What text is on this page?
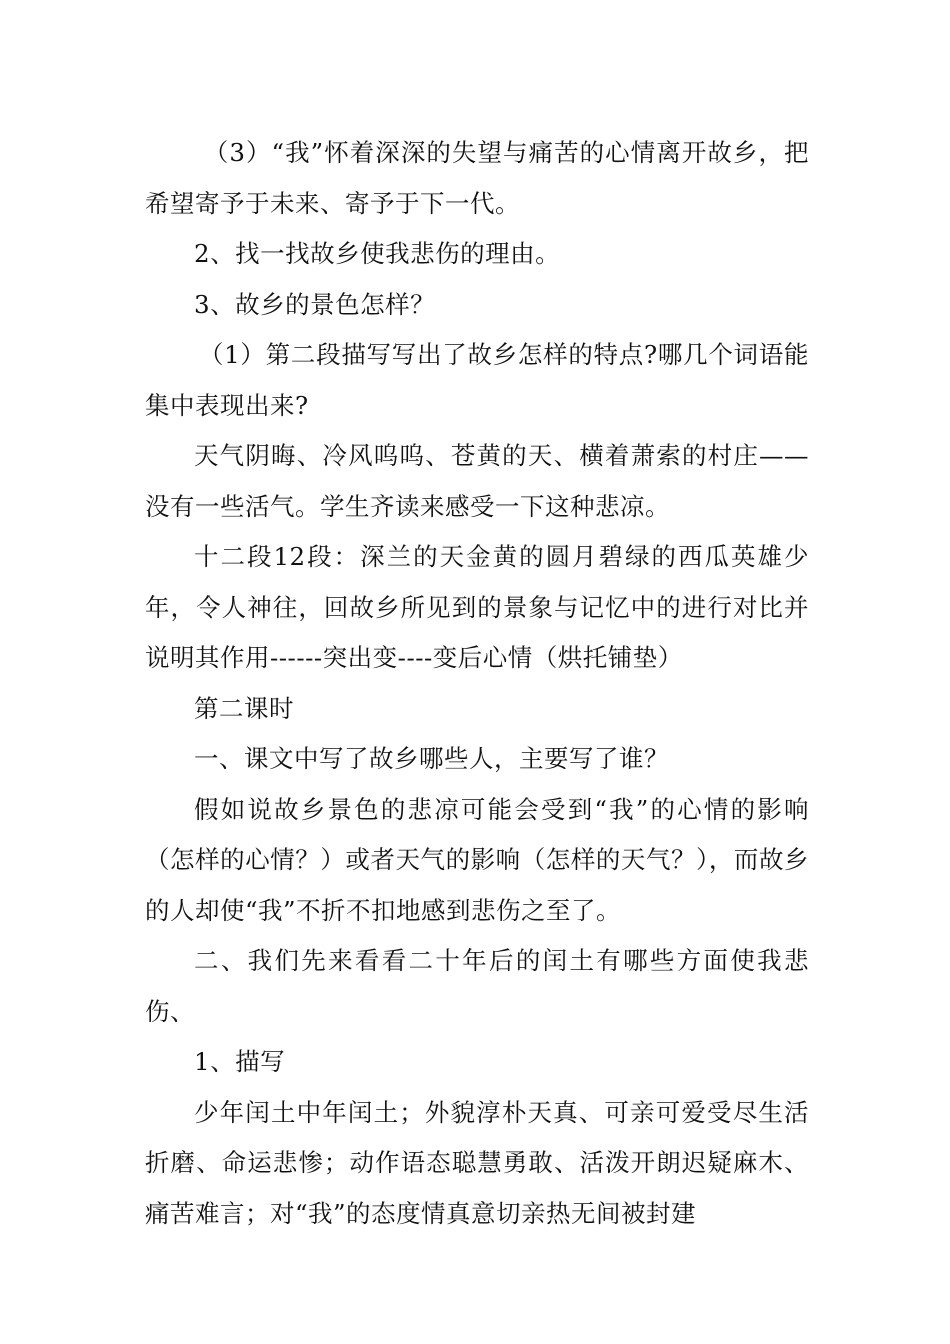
（3）“我”怀着深深的失望与痛苦的心情离开故乡，把希望寄予于未来、寄予于下一代。

2、找一找故乡使我悲伤的理由。

3、故乡的景色怎样？

（1）第二段描写写出了故乡怎样的特点?哪几个词语能集中表现出来?

天气阴晦、冷风呜呜、苍黄的天、横着萧索的村庄——没有一些活气。学生齐读来感受一下这种悲凉。

十二段12段：深兰的天金黄的圆月碧绿的西瓜英雄少年，令人神往，回故乡所见到的景象与记忆中的进行对比并说明其作用------突出变----变后心情（烘托铺垫）

第二课时

一、课文中写了故乡哪些人，主要写了谁？

假如说故乡景色的悲凉可能会受到“我”的心情的影响（怎样的心情？）或者天气的影响（怎样的天气？），而故乡的人却使“我”不折不扣地感到悲伤之至了。

二、我们先来看看二十年后的闰土有哪些方面使我悲伤、

1、描写

少年闰土中年闰土；外貌淳朴天真、可亲可爱受尽生活折磨、命运悲惨；动作语态聪慧勇敢、活泼开朗迟疑麻木、痛苦难言；对“我”的态度情真意切亲热无间被封建
